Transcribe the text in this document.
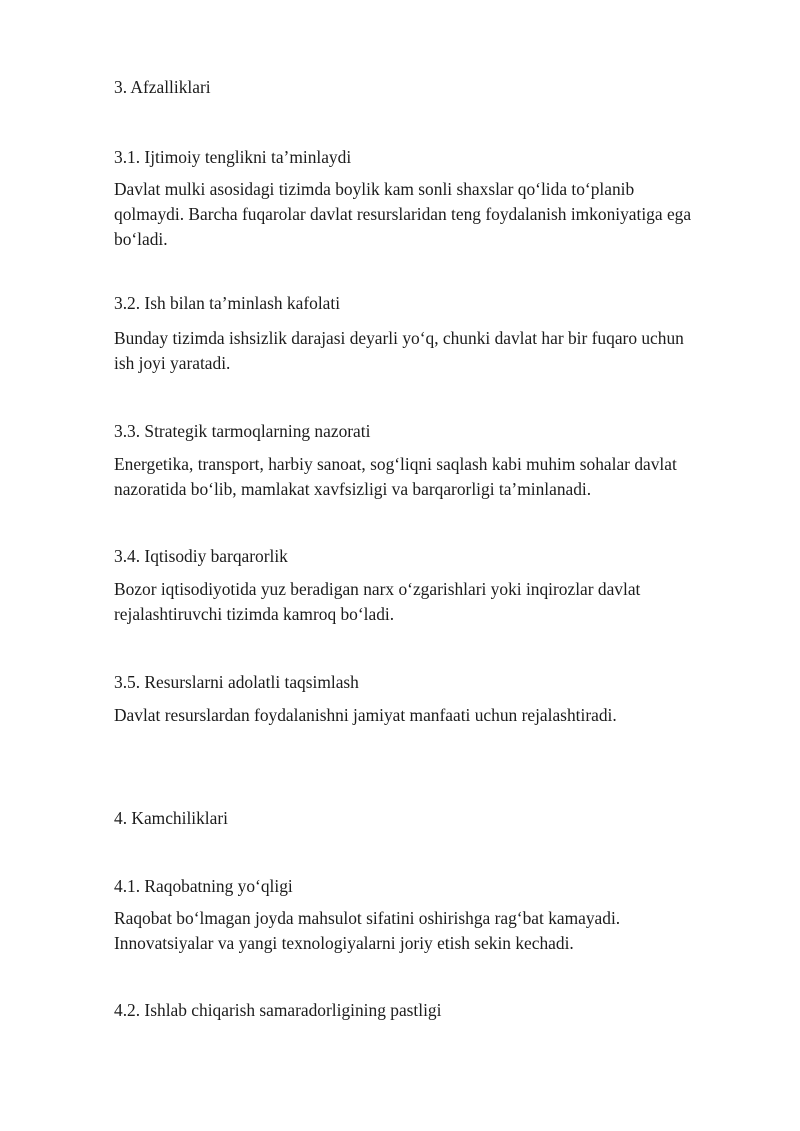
3. Afzalliklari
3.1. Ijtimoiy tenglikni ta’minlaydi
Davlat mulki asosidagi tizimda boylik kam sonli shaxslar qo‘lida to‘planib
qolmaydi. Barcha fuqarolar davlat resurslaridan teng foydalanish imkoniyatiga ega
bo‘ladi.
3.2. Ish bilan ta’minlash kafolati
Bunday tizimda ishsizlik darajasi deyarli yo‘q, chunki davlat har bir fuqaro uchun
ish joyi yaratadi.
3.3. Strategik tarmoqlarning nazorati
Energetika, transport, harbiy sanoat, sog‘liqni saqlash kabi muhim sohalar davlat
nazoratida bo‘lib, mamlakat xavfsizligi va barqarorligi ta’minlanadi.
3.4. Iqtisodiy barqarorlik
Bozor iqtisodiyotida yuz beradigan narx o‘zgarishlari yoki inqirozlar davlat
rejalashtiruvchi tizimda kamroq bo‘ladi.
3.5. Resurslarni adolatli taqsimlash
Davlat resurslardan foydalanishni jamiyat manfaati uchun rejalashtiradi.
4. Kamchiliklari
4.1. Raqobatning yo‘qligi
Raqobat bo‘lmagan joyda mahsulot sifatini oshirishga rag‘bat kamayadi.
Innovatsiyalar va yangi texnologiyalarni joriy etish sekin kechadi.
4.2. Ishlab chiqarish samaradorligining pastligi
